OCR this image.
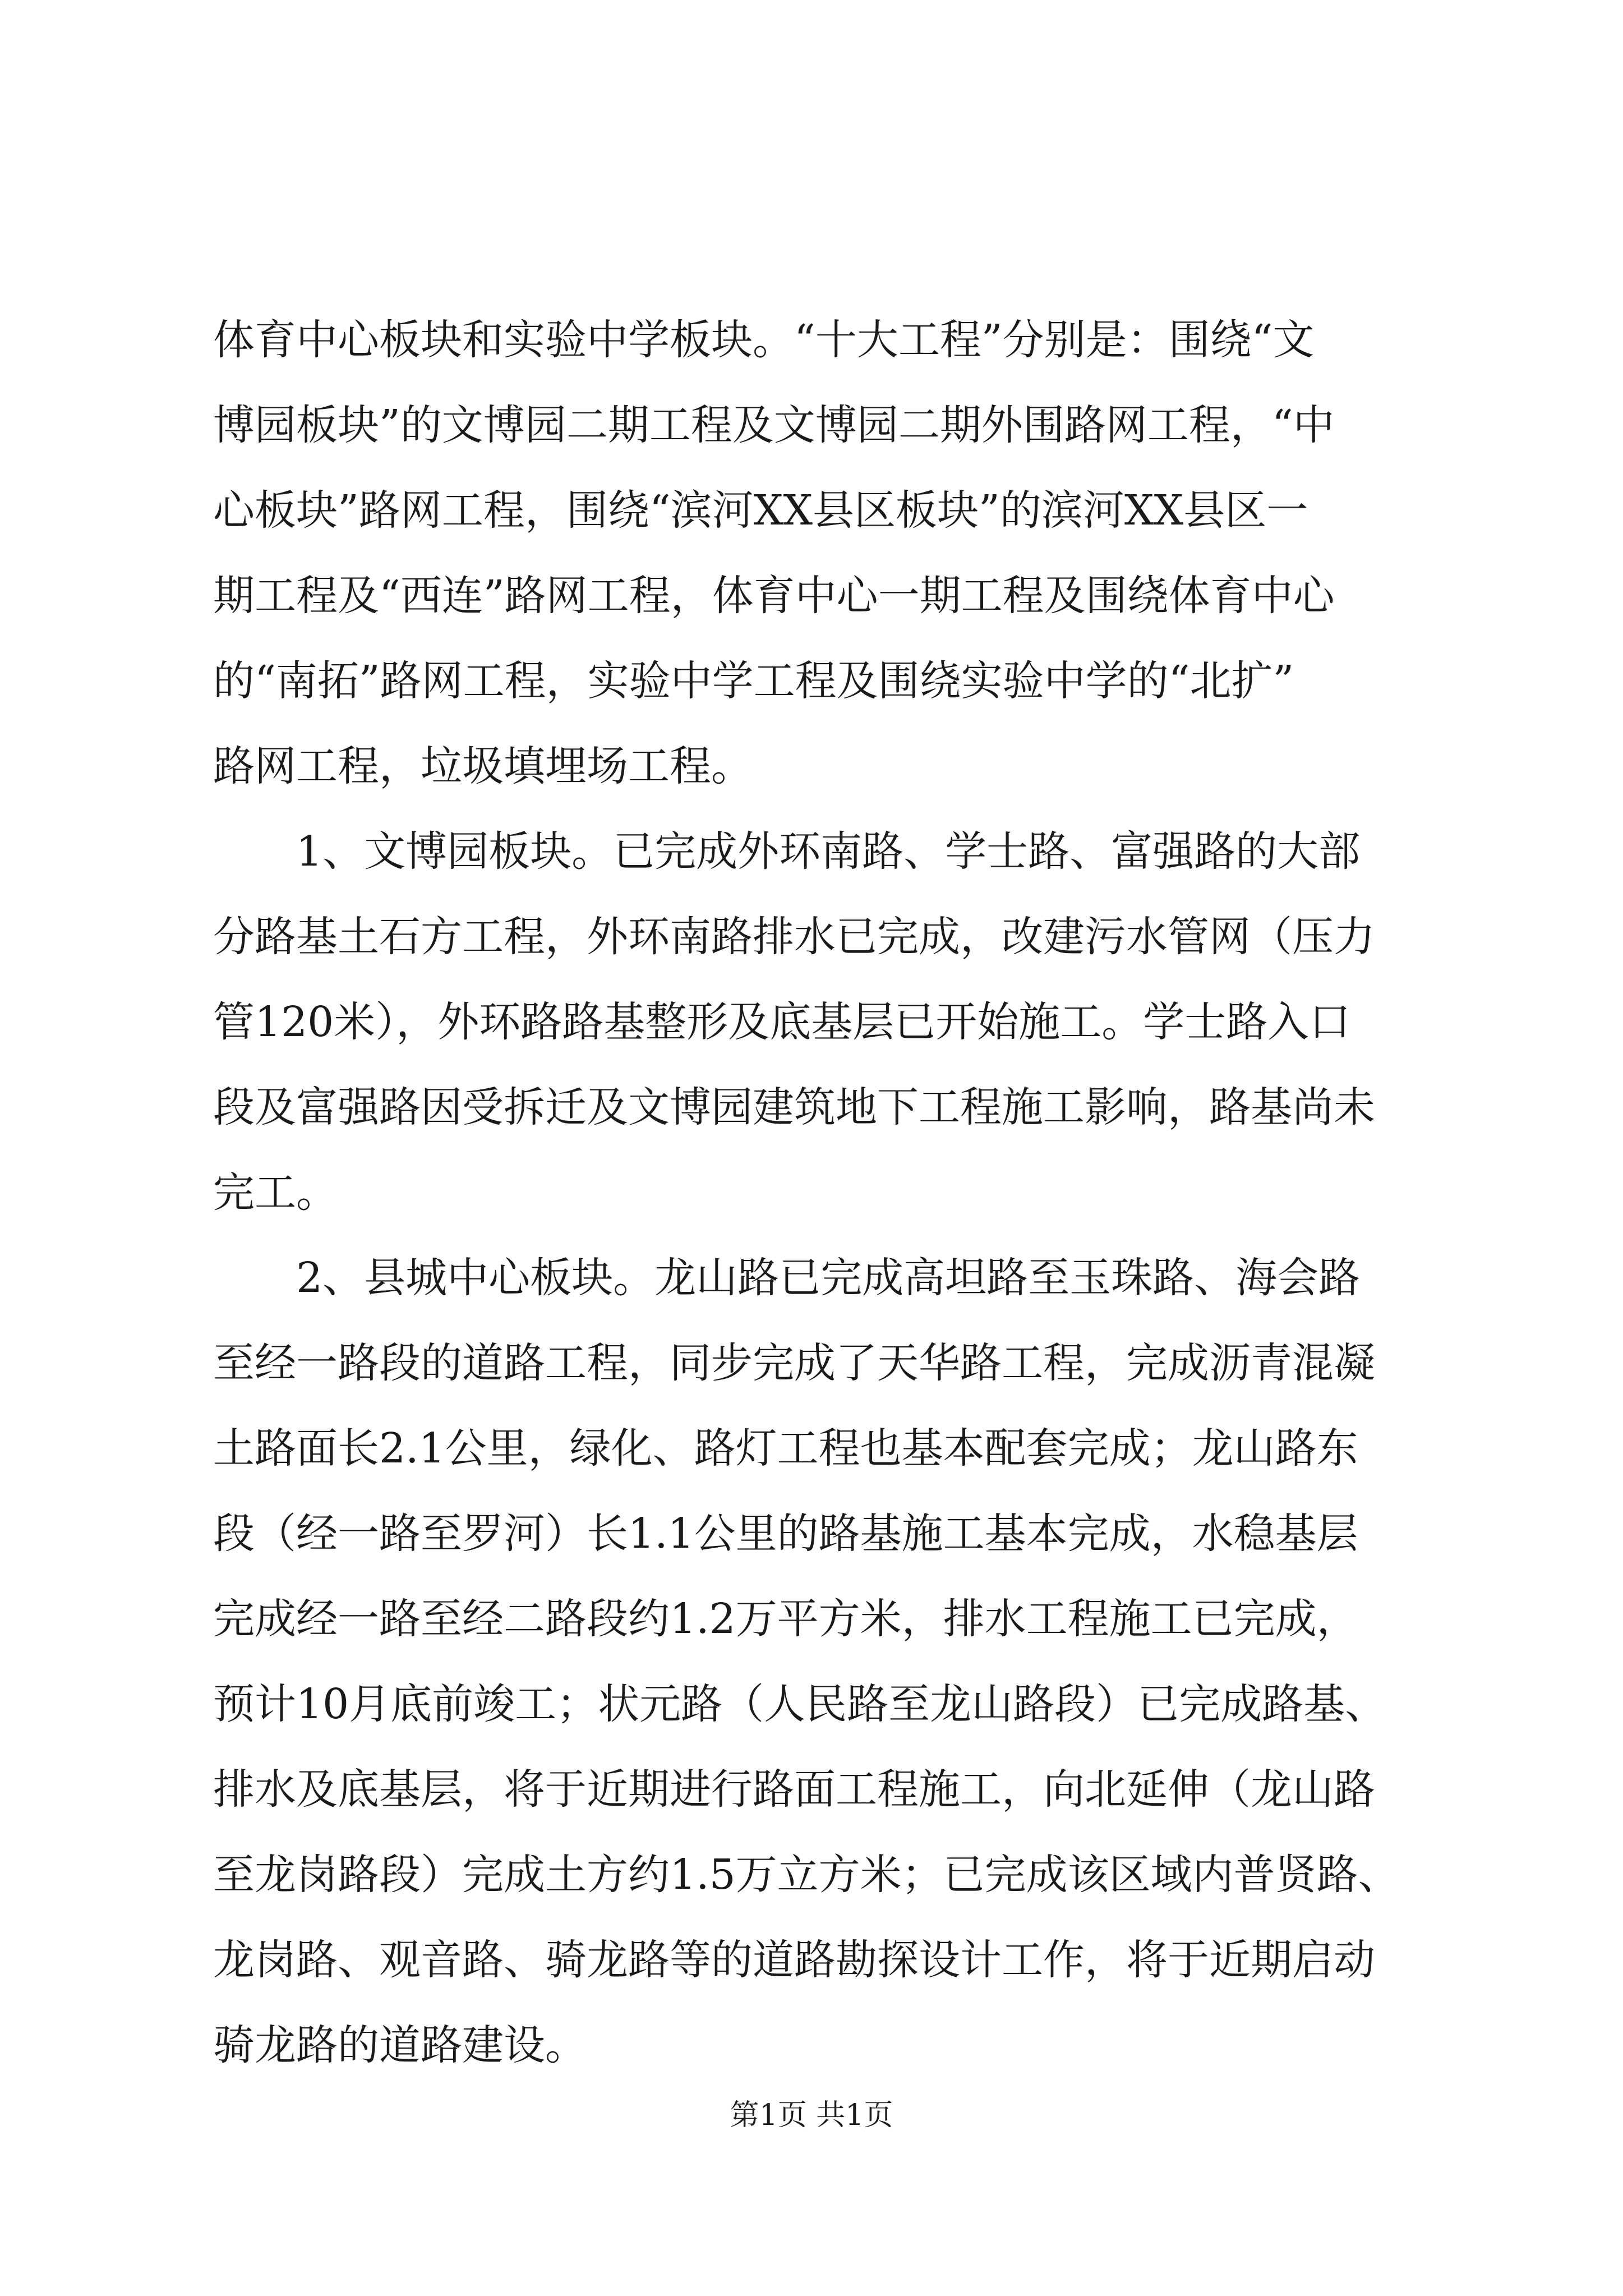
体育中心板块和实验中学板块。“十大工程”分别是：围绕“文
博园板块”的文博园二期工程及文博园二期外围路网工程，“中
心板块”路网工程，围绕“滨河XX县区板块”的滨河XX县区一
期工程及“西连”路网工程，体育中心一期工程及围绕体育中心
的“南拓”路网工程，实验中学工程及围绕实验中学的“北扩”
路网工程，垃圾填埋场工程。
　　1、文博园板块。已完成外环南路、学士路、富强路的大部
分路基土石方工程，外环南路排水已完成，改建污水管网（压力
管120米），外环路路基整形及底基层已开始施工。学士路入口
段及富强路因受拆迁及文博园建筑地下工程施工影响，路基尚未
完工。
　　2、县城中心板块。龙山路已完成高坦路至玉珠路、海会路
至经一路段的道路工程，同步完成了天华路工程，完成沥青混凝
土路面长2.1公里，绿化、路灯工程也基本配套完成；龙山路东
段（经一路至罗河）长1.1公里的路基施工基本完成，水稳基层
完成经一路至经二路段约1.2万平方米，排水工程施工已完成，
预计10月底前竣工；状元路（人民路至龙山路段）已完成路基、
排水及底基层，将于近期进行路面工程施工，向北延伸（龙山路
至龙岗路段）完成土方约1.5万立方米；已完成该区域内普贤路、
龙岗路、观音路、骑龙路等的道路勘探设计工作，将于近期启动
骑龙路的道路建设。
第1页 共1页
